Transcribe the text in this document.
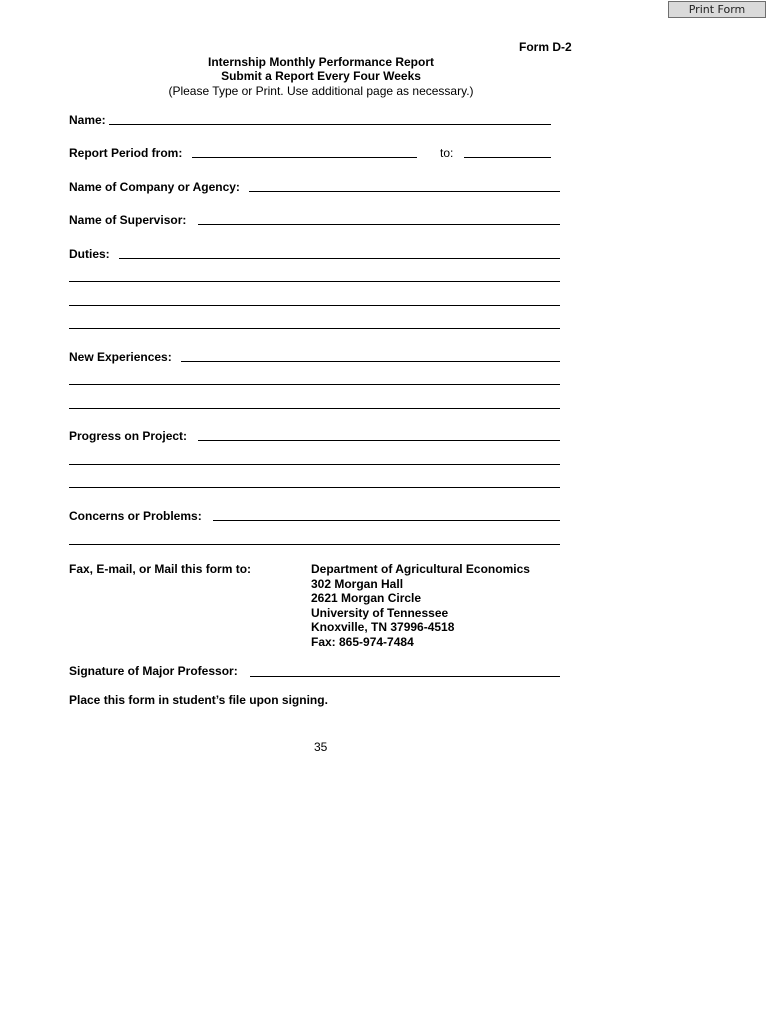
Print Form
Form D-2
Internship Monthly Performance Report
Submit a Report Every Four Weeks
(Please Type or Print. Use additional page as necessary.)
Name:
Report Period from:	to:
Name of Company or Agency:
Name of Supervisor:
Duties:
New Experiences:
Progress on Project:
Concerns or Problems:
Fax, E-mail, or Mail this form to:	Department of Agricultural Economics
302 Morgan Hall
2621 Morgan Circle
University of Tennessee
Knoxville, TN 37996-4518
Fax: 865-974-7484
Signature of Major Professor:
Place this form in student’s file upon signing.
35
